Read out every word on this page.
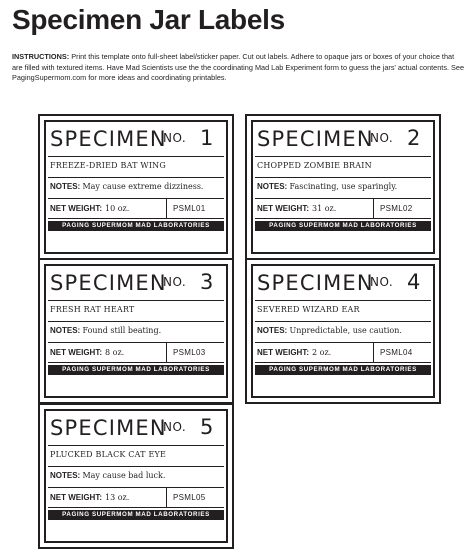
Specimen Jar Labels
INSTRUCTIONS: Print this template onto full-sheet label/sticker paper. Cut out labels. Adhere to opaque jars or boxes of your choice that are filled with textured items. Have Mad Scientists use the the coordinating Mad Lab Experiment form to guess the jars' actual contents. See PagingSupermom.com for more ideas and coordinating printables.
SPECIMEN
NO. 1
FREEZE-DRIED BAT WING
NOTES: May cause extreme dizziness.
NET WEIGHT: 10 oz.	PSML01
PAGING SUPERMOM MAD LABORATORIES
SPECIMEN
NO. 2
CHOPPED ZOMBIE BRAIN
NOTES: Fascinating, use sparingly.
NET WEIGHT: 31 oz.	PSML02
PAGING SUPERMOM MAD LABORATORIES
SPECIMEN
NO. 3
FRESH RAT HEART
NOTES: Found still beating.
NET WEIGHT: 8 oz.	PSML03
PAGING SUPERMOM MAD LABORATORIES
SPECIMEN
NO. 4
SEVERED WIZARD EAR
NOTES: Unpredictable, use caution.
NET WEIGHT: 2 oz.	PSML04
PAGING SUPERMOM MAD LABORATORIES
SPECIMEN
NO. 5
PLUCKED BLACK CAT EYE
NOTES: May cause bad luck.
NET WEIGHT: 13 oz.	PSML05
PAGING SUPERMOM MAD LABORATORIES
